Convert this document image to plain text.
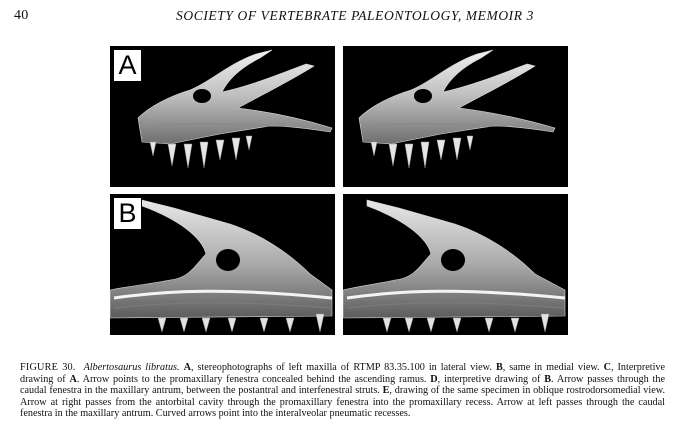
40	SOCIETY OF VERTEBRATE PALEONTOLOGY, MEMOIR 3
A
B
FIGURE 30. Albertosaurus libratus. A, stereophotographs of left maxilla of RTMP 83.35.100 in lateral view. B, same in medial view. C, Interpretive drawing of A. Arrow points to the promaxillary fenestra concealed behind the ascending ramus. D, interpretive drawing of B. Arrow passes through the caudal fenestra in the maxillary antrum, between the postantral and interfenestral struts. E, drawing of the same specimen in oblique rostrodorsomedial view. Arrow at right passes from the antorbital cavity through the promaxillary fenestra into the promaxillary recess. Arrow at left passes through the caudal fenestra in the maxillary antrum. Curved arrows point into the interalveolar pneumatic recesses.
